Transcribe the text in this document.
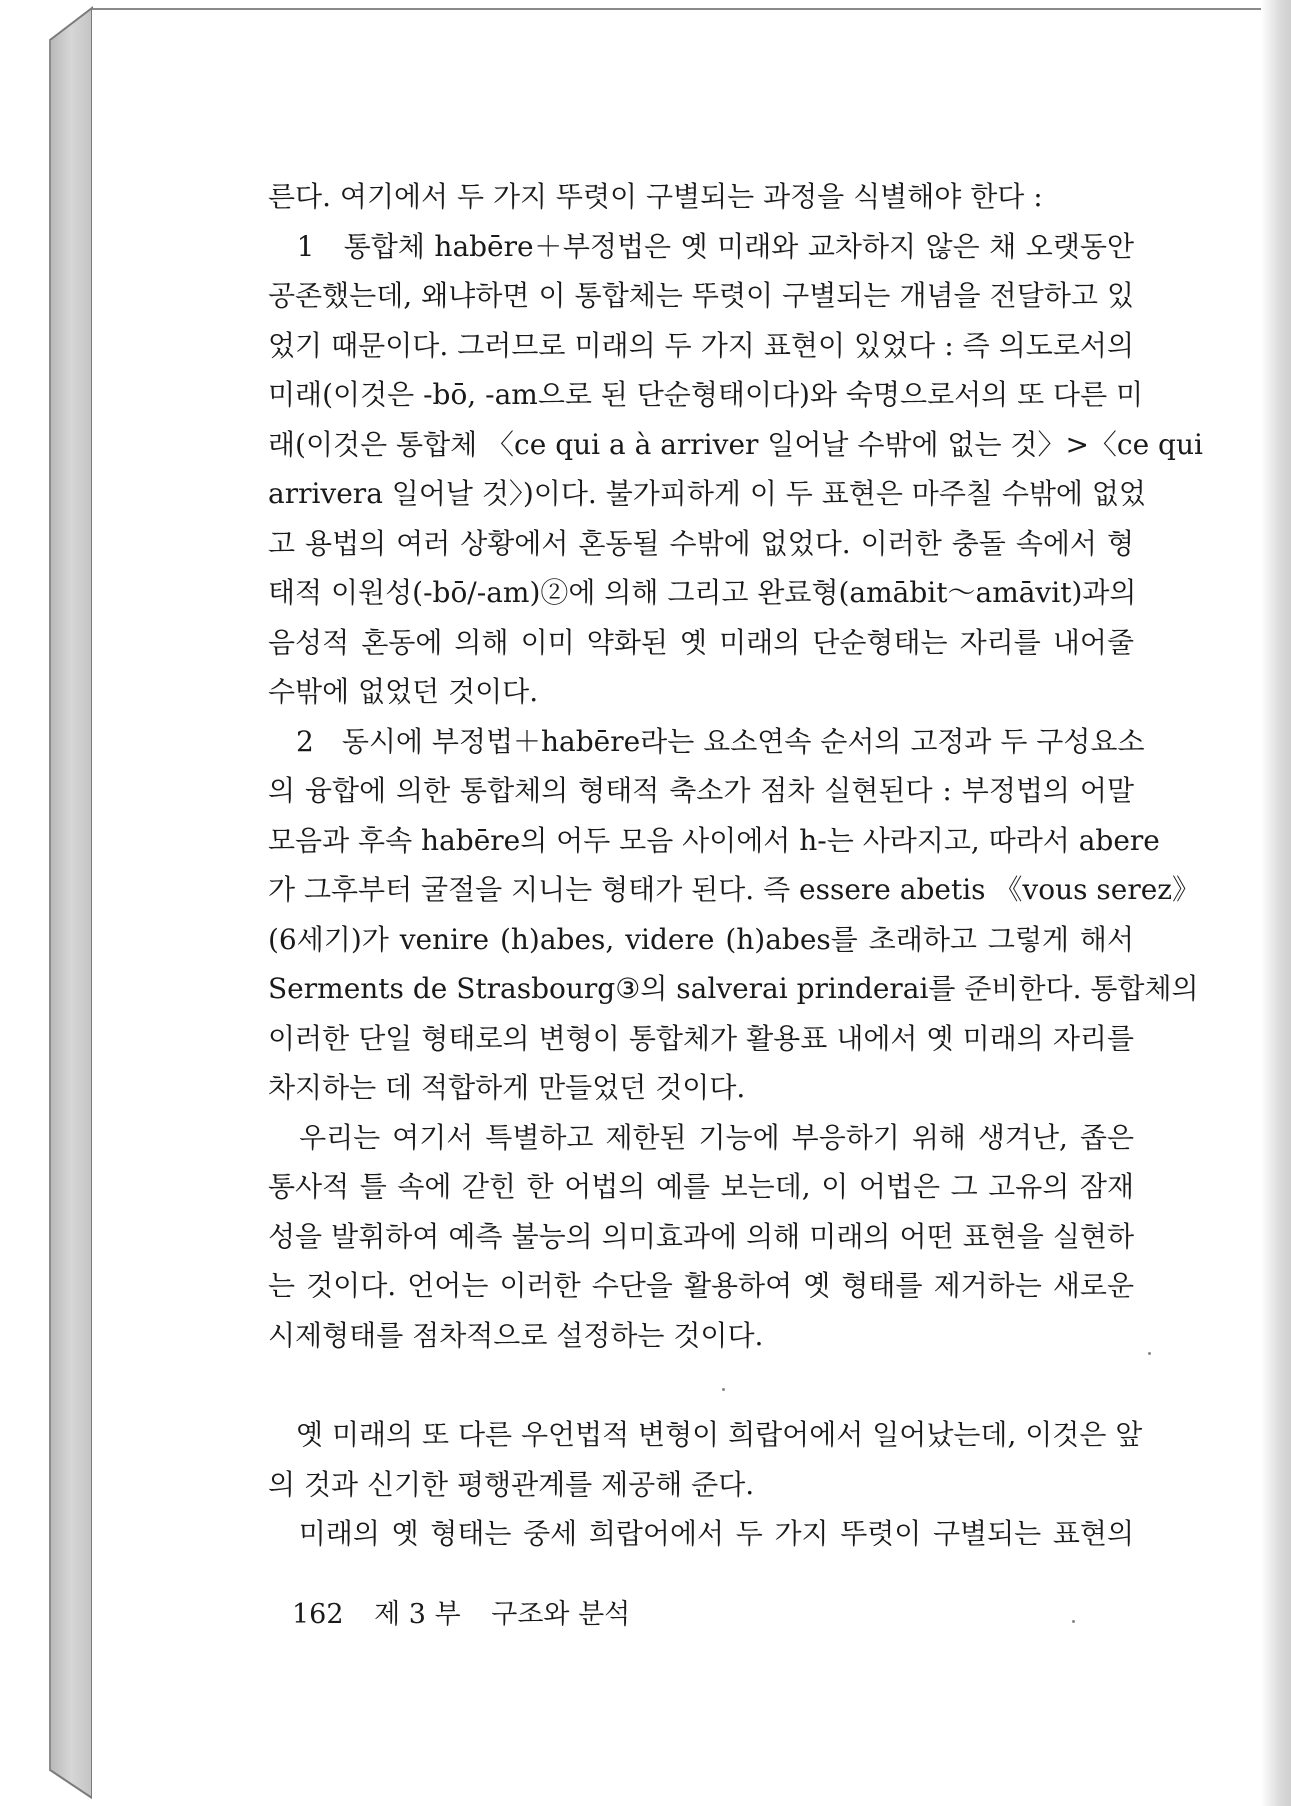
른다. 여기에서 두 가지 뚜렷이 구별되는 과정을 식별해야 한다 :
　1　통합체 habēre＋부정법은 옛 미래와 교차하지 않은 채 오랫동안
공존했는데, 왜냐하면 이 통합체는 뚜렷이 구별되는 개념을 전달하고 있
었기 때문이다. 그러므로 미래의 두 가지 표현이 있었다 : 즉 의도로서의
미래(이것은 -bō, -am으로 된 단순형태이다)와 숙명으로서의 또 다른 미
래(이것은 통합체 〈ce qui a à arriver 일어날 수밖에 없는 것〉>〈ce qui
arrivera 일어날 것〉)이다. 불가피하게 이 두 표현은 마주칠 수밖에 없었
고 용법의 여러 상황에서 혼동될 수밖에 없었다. 이러한 충돌 속에서 형
태적 이원성(-bō/-am)②에 의해 그리고 완료형(amābit～amāvit)과의
음성적 혼동에 의해 이미 약화된 옛 미래의 단순형태는 자리를 내어줄
수밖에 없었던 것이다.
　2　동시에 부정법＋habēre라는 요소연속 순서의 고정과 두 구성요소
의 융합에 의한 통합체의 형태적 축소가 점차 실현된다 : 부정법의 어말
모음과 후속 habēre의 어두 모음 사이에서 h-는 사라지고, 따라서 abere
가 그후부터 굴절을 지니는 형태가 된다. 즉 essere abetis 《vous serez》
(6세기)가 venire (h)abes, videre (h)abes를 초래하고 그렇게 해서
Serments de Strasbourg③의 salverai prinderai를 준비한다. 통합체의
이러한 단일 형태로의 변형이 통합체가 활용표 내에서 옛 미래의 자리를
차지하는 데 적합하게 만들었던 것이다.
　우리는 여기서 특별하고 제한된 기능에 부응하기 위해 생겨난, 좁은
통사적 틀 속에 갇힌 한 어법의 예를 보는데, 이 어법은 그 고유의 잠재
성을 발휘하여 예측 불능의 의미효과에 의해 미래의 어떤 표현을 실현하
는 것이다. 언어는 이러한 수단을 활용하여 옛 형태를 제거하는 새로운
시제형태를 점차적으로 설정하는 것이다.
　옛 미래의 또 다른 우언법적 변형이 희랍어에서 일어났는데, 이것은 앞
의 것과 신기한 평행관계를 제공해 준다.
　미래의 옛 형태는 중세 희랍어에서 두 가지 뚜렷이 구별되는 표현의
162 제 3 부 구조와 분석
